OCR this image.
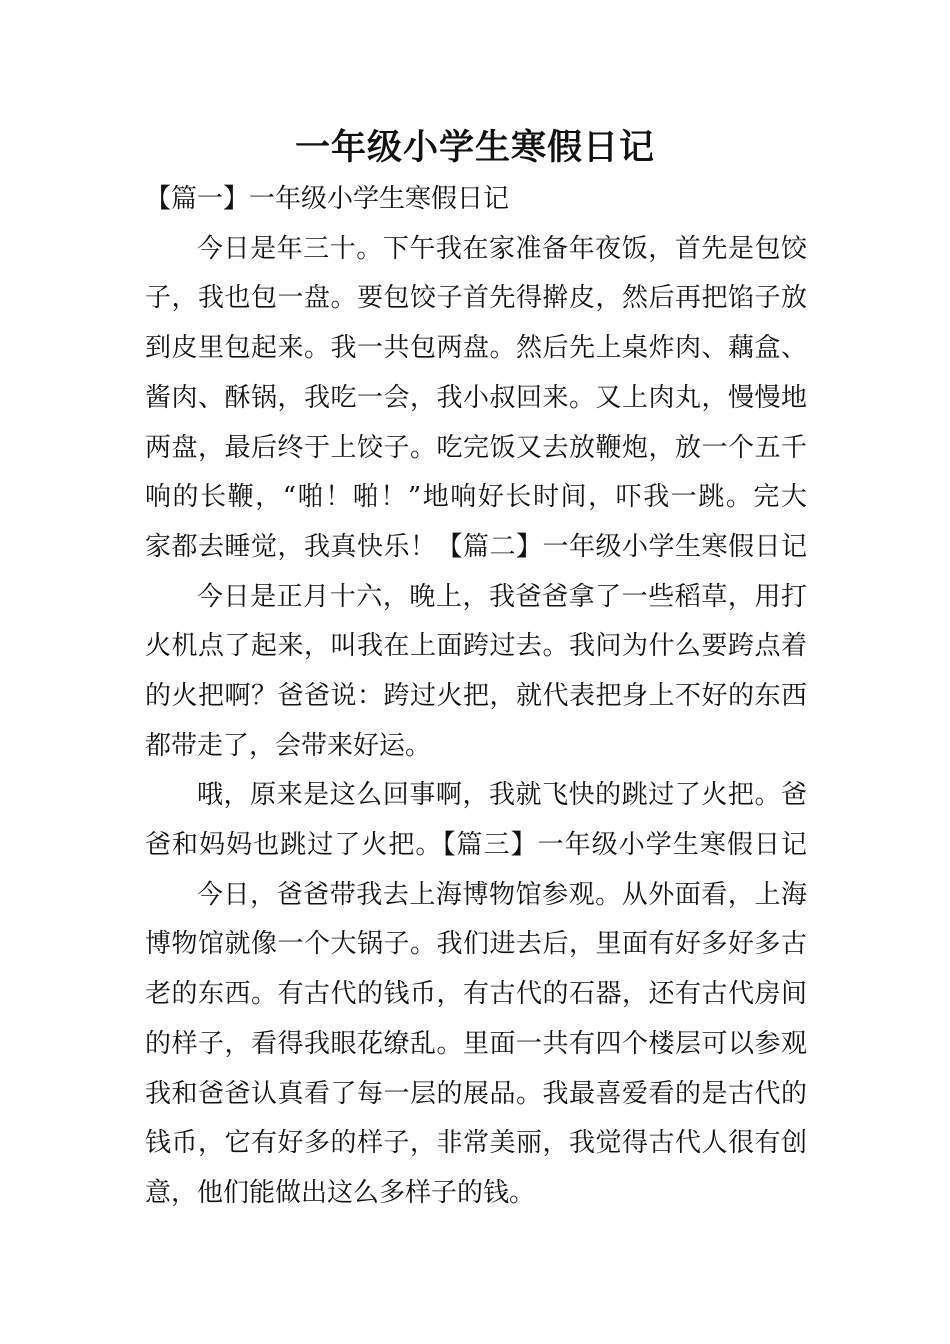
一年级小学生寒假日记

【篇一】一年级小学生寒假日记

今日是年三十。下午我在家准备年夜饭，首先是包饺

子，我也包一盘。要包饺子首先得擀皮，然后再把馅子放

到皮里包起来。我一共包两盘。然后先上桌炸肉、藕盒、

酱肉、酥锅，我吃一会，我小叔回来。又上肉丸，慢慢地

两盘，最后终于上饺子。吃完饭又去放鞭炮，放一个五千

响的长鞭，“啪！啪！”地响好长时间，吓我一跳。完大

家都去睡觉，我真快乐！【篇二】一年级小学生寒假日记

今日是正月十六，晚上，我爸爸拿了一些稻草，用打

火机点了起来，叫我在上面跨过去。我问为什么要跨点着

的火把啊？爸爸说：跨过火把，就代表把身上不好的东西

都带走了，会带来好运。

哦，原来是这么回事啊，我就飞快的跳过了火把。爸

爸和妈妈也跳过了火把。【篇三】一年级小学生寒假日记

今日，爸爸带我去上海博物馆参观。从外面看，上海

博物馆就像一个大锅子。我们进去后，里面有好多好多古

老的东西。有古代的钱币，有古代的石器，还有古代房间

的样子，看得我眼花缭乱。里面一共有四个楼层可以参观

我和爸爸认真看了每一层的展品。我最喜爱看的是古代的

钱币，它有好多的样子，非常美丽，我觉得古代人很有创

意，他们能做出这么多样子的钱。
